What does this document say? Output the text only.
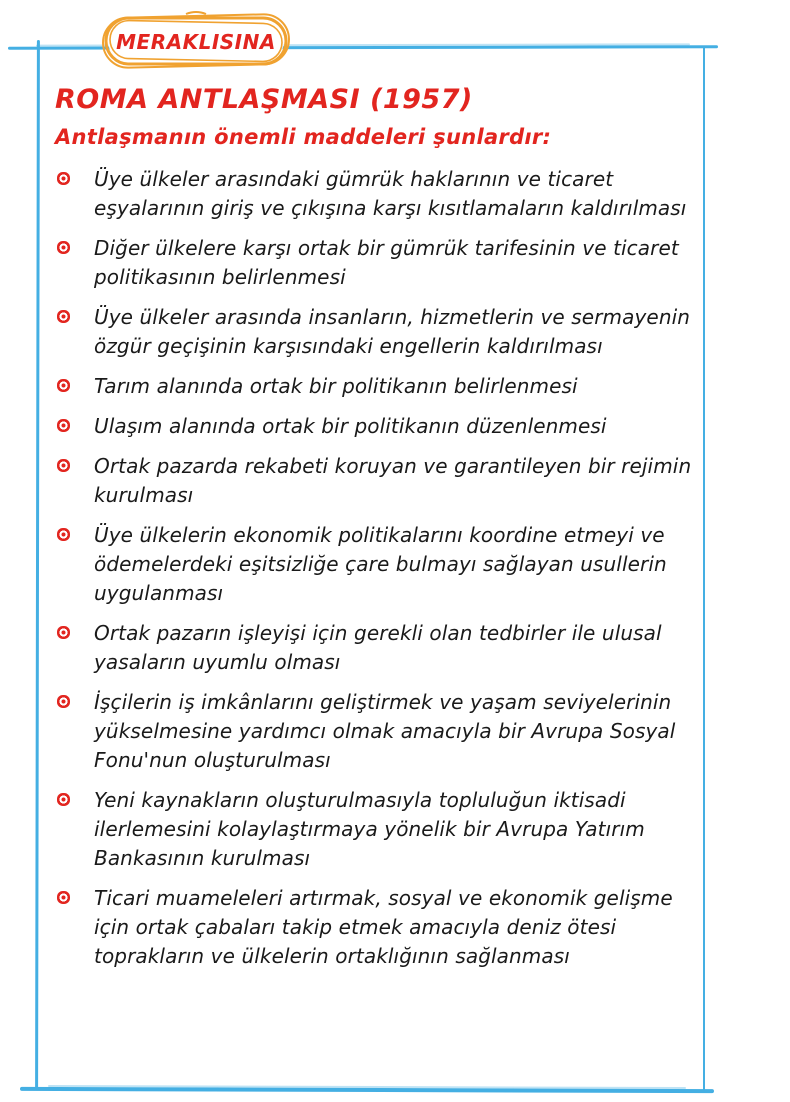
MERAKLISINA
ROMA ANTLAŞMASI (1957)
Antlaşmanın önemli maddeleri şunlardır:
Üye ülkeler arasındaki gümrük haklarının ve ticaret eşyalarının giriş ve çıkışına karşı kısıtlamaların kaldırılması
Diğer ülkelere karşı ortak bir gümrük tarifesinin ve ticaret politikasının belirlenmesi
Üye ülkeler arasında insanların, hizmetlerin ve sermayenin özgür geçişinin karşısındaki engellerin kaldırılması
Tarım alanında ortak bir politikanın belirlenmesi
Ulaşım alanında ortak bir politikanın düzenlenmesi
Ortak pazarda rekabeti koruyan ve garantileyen bir rejimin kurulması
Üye ülkelerin ekonomik politikalarını koordine etmeyi ve ödemelerdeki eşitsizliğe çare bulmayı sağlayan usullerin uygulanması
Ortak pazarın işleyişi için gerekli olan tedbirler ile ulusal yasaların uyumlu olması
İşçilerin iş imkânlarını geliştirmek ve yaşam seviyelerinin yükselmesine yardımcı olmak amacıyla bir Avrupa Sosyal Fonu'nun oluşturulması
Yeni kaynakların oluşturulmasıyla topluluğun iktisadi ilerlemesini kolaylaştırmaya yönelik bir Avrupa Yatırım Bankasının kurulması
Ticari muameleleri artırmak, sosyal ve ekonomik gelişme için ortak çabaları takip etmek amacıyla deniz ötesi toprakların ve ülkelerin ortaklığının sağlanması
